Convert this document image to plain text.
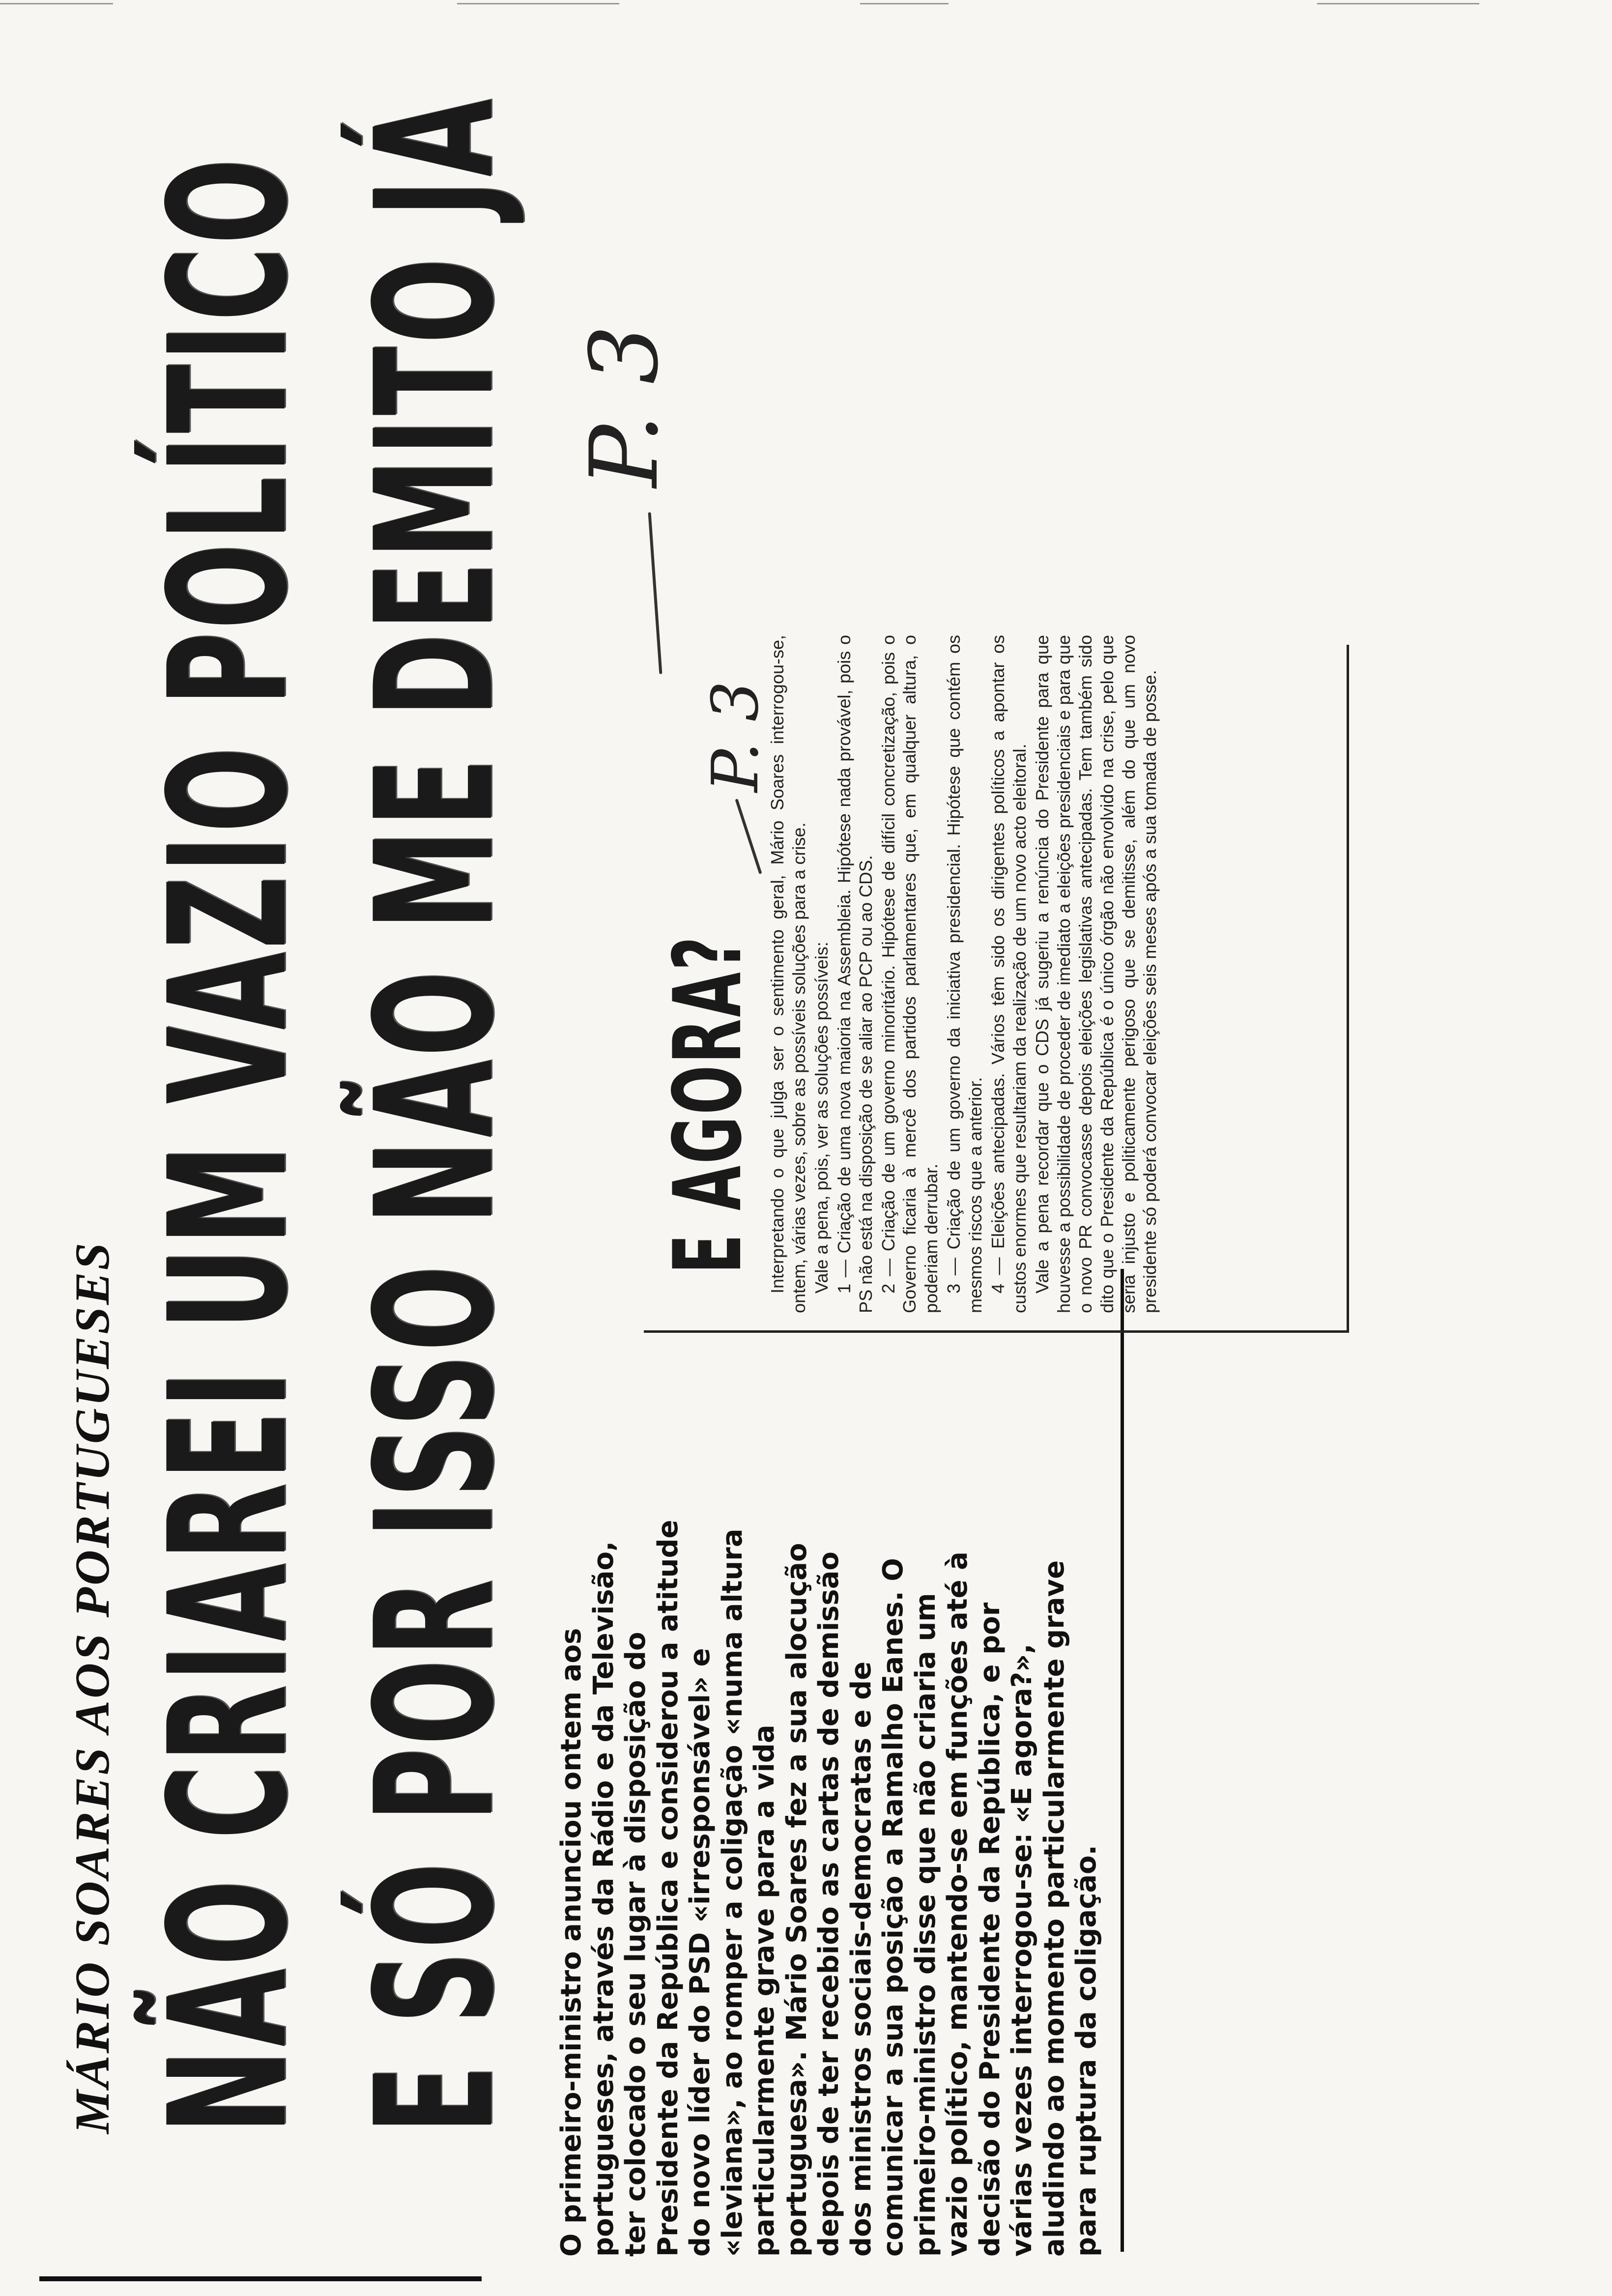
MÁRIO SOARES AOS PORTUGUESES NÃO CRIAREI UM VAZIO POLÍTICO E SÓ POR ISSO NÃO ME DEMITO JÁ O primeiro-ministro anunciou ontem aos portugueses, através da Rádio e da Televisão, ter colocado o seu lugar à disposição do Presidente da República e considerou a atitude do novo líder do PSD «irresponsável» e «leviana», ao romper a coligação «numa altura particularmente grave para a vida portuguesa». Mário Soares fez a sua alocução depois de ter recebido as cartas de demissão dos ministros sociais-democratas e de comunicar a sua posição a Ramalho Eanes. O primeiro-ministro disse que não criaria um vazio político, mantendo-se em funções até à decisão do Presidente da República, e por várias vezes interrogou-se: «E agora?», aludindo ao momento particularmente grave para ruptura da coligação.
E AGORA? Interpretando o que julga ser o sentimento geral, Mário Soares interrogou-se, ontem, várias vezes, sobre as possíveis soluções para a crise. Vale a pena, pois, ver as soluções possíveis: 1 — Criação de uma nova maioria na Assembleia. Hipótese nada provável, pois o PS não está na disposição de se aliar ao PCP ou ao CDS. 2 — Criação de um governo minoritário. Hipótese de difícil concretização, pois o Governo ficaria à mercê dos partidos parlamentares que, em qualquer altura, o poderiam derrubar. 3 — Criação de um governo da iniciativa presidencial. Hipótese que contém os mesmos riscos que a anterior. 4 — Eleições antecipadas. Vários têm sido os dirigentes políticos a apontar os custos enormes que resultariam da realização de um novo acto eleitoral. Vale a pena recordar que o CDS já sugeriu a renúncia do Presidente para que houvesse a possibilidade de proceder de imediato a eleições presidenciais e para que o novo PR convocasse depois eleições legislativas antecipadas. Tem também sido dito que o Presidente da República é o único órgão não envolvido na crise, pelo que seria injusto e politicamente perigoso que se demitisse, além do que um novo presidente só poderá convocar eleições seis meses após a sua tomada de posse.

P. 3
P. 3
